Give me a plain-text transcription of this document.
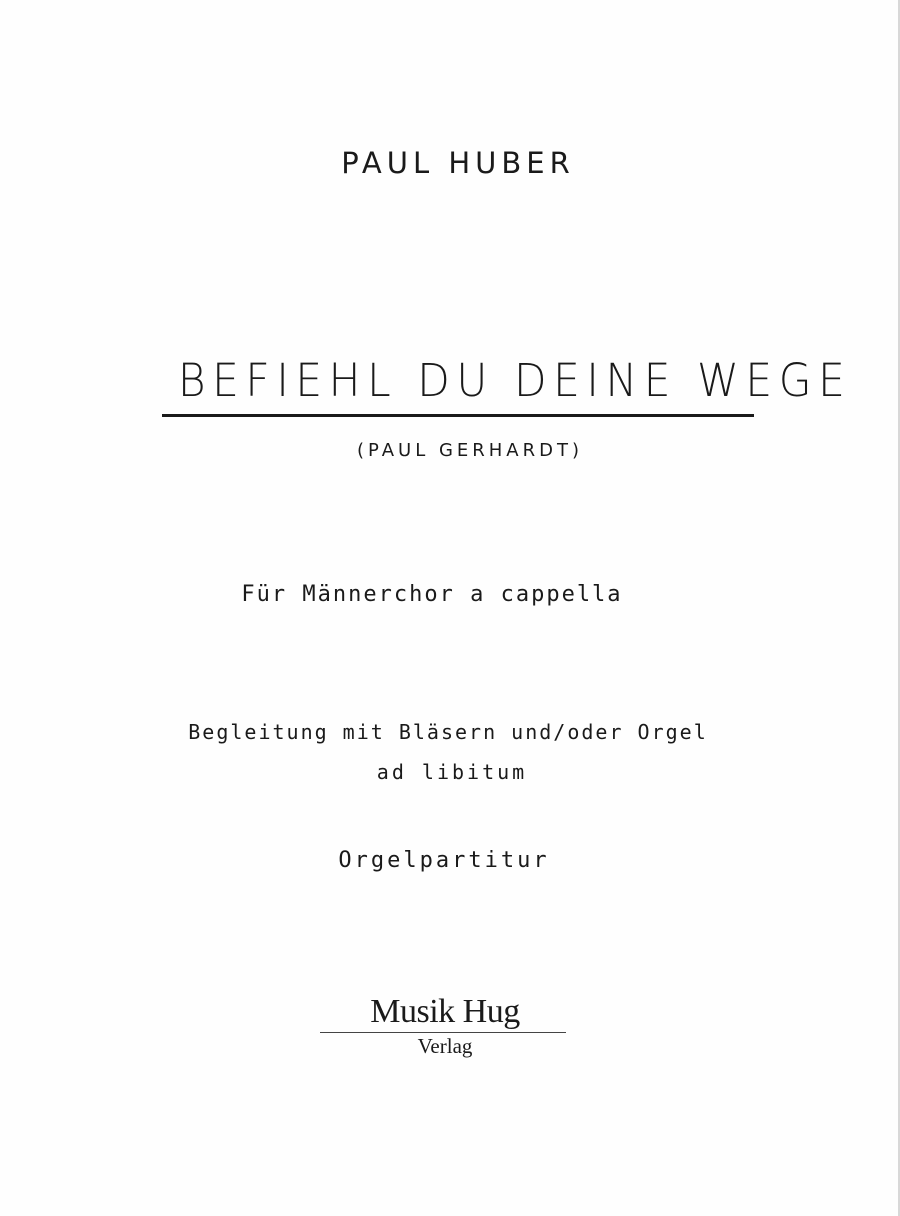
PAUL HUBER
BEFIEHL DU DEINE WEGE
(PAUL GERHARDT)
Für Männerchor a cappella
Begleitung mit Bläsern und/oder Orgel
ad libitum
Orgelpartitur
Musik Hug
Verlag
